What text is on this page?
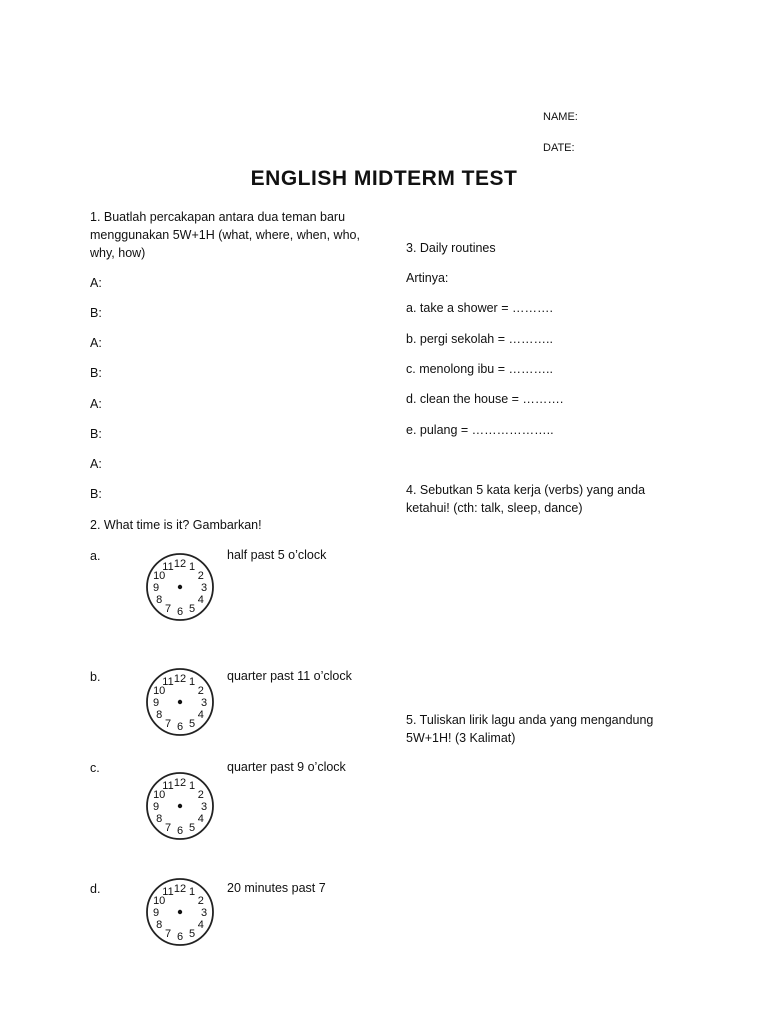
NAME:
DATE:
ENGLISH MIDTERM TEST
1. Buatlah percakapan antara dua teman baru menggunakan 5W+1H (what, where, when, who, why, how)
A:
B:
A:
B:
A:
B:
A:
B:
2. What time is it? Gambarkan!
a.	half past 5 o’clock
12 1
2
3
4
5
6
7
8
9
10
11
b.	quarter past 11 o’clock
12 1
2
3
4
5
6
7
8
9
10
11
c.	quarter past 9 o’clock
12 1
2
3
4
5
6
7
8
9
10
11
d.	20 minutes past 7
12 1
2
3
4
5
6
7
8
9
10
11
3. Daily routines
Artinya:
a. take a shower = ……….
b. pergi sekolah = ………..
c. menolong ibu = ………..
d. clean the house = ……….
e. pulang = ………………..
4. Sebutkan 5 kata kerja (verbs) yang anda ketahui! (cth: talk, sleep, dance)
5. Tuliskan lirik lagu anda yang mengandung 5W+1H! (3 Kalimat)
